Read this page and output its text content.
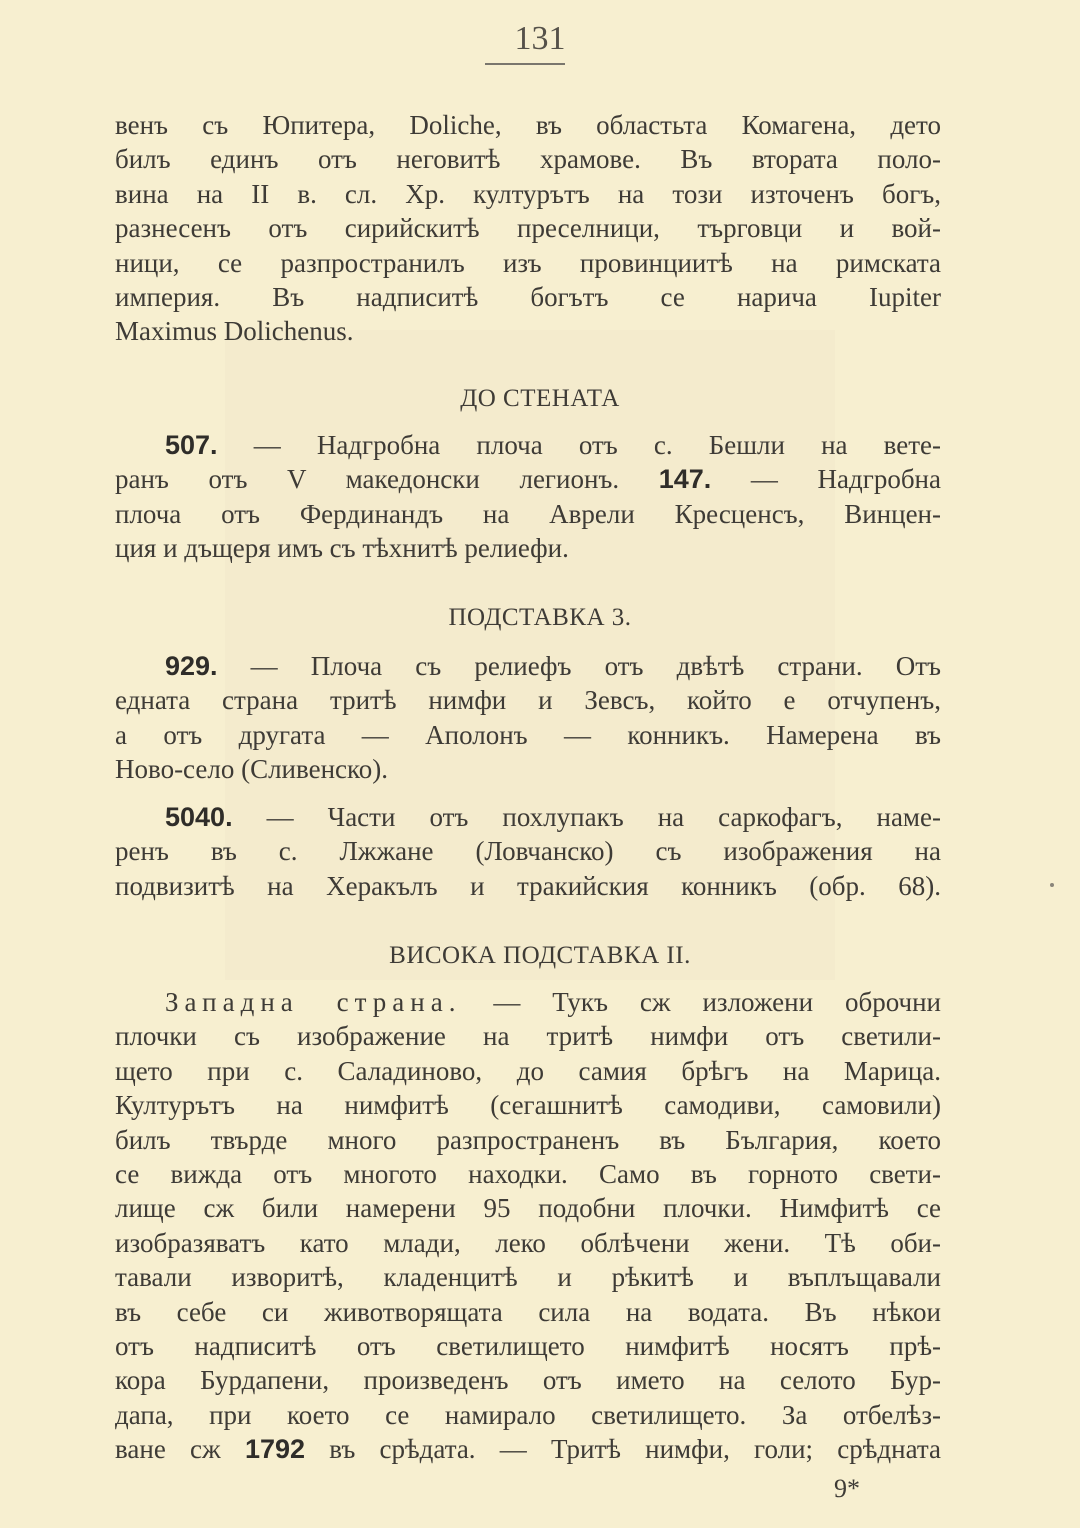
131
венъ съ Юпитера, Doliche, въ областьта Комагена, дето
билъ единъ отъ неговитѣ храмове. Въ втората поло-
вина на II в. сл. Хр. културътъ на този източенъ богъ,
разнесенъ отъ сирийскитѣ преселници, търговци и вой-
ници, се разпространилъ изъ провинциитѣ на римската
империя. Въ надписитѣ богътъ се нарича Iupiter
Maximus Dolichenus.
ДО СТЕНАТА
507. — Надгробна плоча отъ с. Бешли на вете-
ранъ отъ V македонски легионъ. 147. — Надгробна
плоча отъ Фердинандъ на Аврели Кресценсъ, Винцен-
ция и дъщеря имъ съ тѣхнитѣ релиефи.
ПОДСТАВКА 3.
929. — Плоча съ релиефъ отъ двѣтѣ страни. Отъ
едната страна тритѣ нимфи и Зевсъ, който е отчупенъ,
а отъ другата — Аполонъ — конникъ. Намерена въ
Ново-село (Сливенско).
5040. — Части отъ похлупакъ на саркофагъ, наме-
ренъ въ с. Лжжане (Ловчанско) съ изображения на
подвизитѣ на Херакълъ и тракийския конникъ (обр. 68).
ВИСОКА ПОДСТАВКА II.
Западна страна. — Тукъ сж изложени оброчни
плочки съ изображение на тритѣ нимфи отъ светили-
щето при с. Саладиново, до самия брѣгъ на Марица.
Културътъ на нимфитѣ (сегашнитѣ самодиви, самовили)
билъ твърде много разпространенъ въ България, което
се вижда отъ многото находки. Само въ горното свети-
лище сж били намерени 95 подобни плочки. Нимфитѣ се
изобразяватъ като млади, леко облѣчени жени. Тѣ оби-
тавали изворитѣ, кладенцитѣ и рѣкитѣ и въплъщавали
въ себе си животворящата сила на водата. Въ нѣкои
отъ надписитѣ отъ светилището нимфитѣ носятъ прѣ-
кора Бурдапени, произведенъ отъ името на селото Бур-
дапа, при което се намирало светилището. За отбелѣз-
ване сж 1792 въ срѣдата. — Тритѣ нимфи, голи; срѣдната
9*
